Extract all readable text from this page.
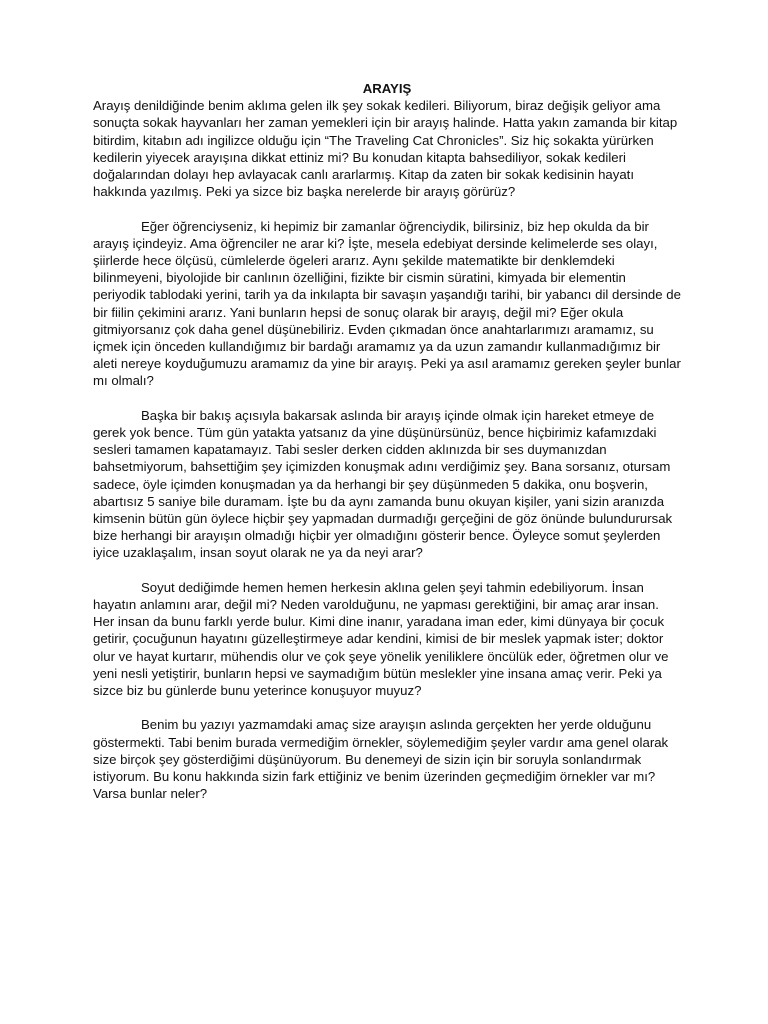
ARAYIŞ

Arayış denildiğinde benim aklıma gelen ilk şey sokak kedileri. Biliyorum, biraz değişik geliyor ama sonuçta sokak hayvanları her zaman yemekleri için bir arayış halinde. Hatta yakın zamanda bir kitap bitirdim, kitabın adı ingilizce olduğu için “The Traveling Cat Chronicles”. Siz hiç sokakta yürürken kedilerin yiyecek arayışına dikkat ettiniz mi? Bu konudan kitapta bahsediliyor, sokak kedileri doğalarından dolayı hep avlayacak canlı ararlarmış. Kitap da zaten bir sokak kedisinin hayatı hakkında yazılmış. Peki ya sizce biz başka nerelerde bir arayış görürüz?

Eğer öğrenciyseniz, ki hepimiz bir zamanlar öğrenciydik, bilirsiniz, biz hep okulda da bir arayış içindeyiz. Ama öğrenciler ne arar ki? İşte, mesela edebiyat dersinde kelimelerde ses olayı, şiirlerde hece ölçüsü, cümlelerde ögeleri ararız. Aynı şekilde matematikte bir denklemdeki bilinmeyeni, biyolojide bir canlının özelliğini, fizikte bir cismin süratini, kimyada bir elementin periyodik tablodaki yerini, tarih ya da inkılapta bir savaşın yaşandığı tarihi, bir yabancı dil dersinde de bir fiilin çekimini ararız. Yani bunların hepsi de sonuç olarak bir arayış, değil mi? Eğer okula gitmiyorsanız çok daha genel düşünebiliriz. Evden çıkmadan önce anahtarlarımızı aramamız, su içmek için önceden kullandığımız bir bardağı aramamız ya da uzun zamandır kullanmadığımız bir aleti nereye koyduğumuzu aramamız da yine bir arayış. Peki ya asıl aramamız gereken şeyler bunlar mı olmalı?

Başka bir bakış açısıyla bakarsak aslında bir arayış içinde olmak için hareket etmeye de gerek yok bence. Tüm gün yatakta yatsanız da yine düşünürsünüz, bence hiçbirimiz kafamızdaki sesleri tamamen kapatamayız. Tabi sesler derken cidden aklınızda bir ses duymanızdan bahsetmiyorum, bahsettiğim şey içimizden konuşmak adını verdiğimiz şey. Bana sorsanız, otursam sadece, öyle içimden konuşmadan ya da herhangi bir şey düşünmeden 5 dakika, onu boşverin, abartısız 5 saniye bile duramam. İşte bu da aynı zamanda bunu okuyan kişiler, yani sizin aranızda kimsenin bütün gün öylece hiçbir şey yapmadan durmadığı gerçeğini de göz önünde bulundurursak bize herhangi bir arayışın olmadığı hiçbir yer olmadığını gösterir bence. Öyleyce somut şeylerden iyice uzaklaşalım, insan soyut olarak ne ya da neyi arar?

Soyut dediğimde hemen hemen herkesin aklına gelen şeyi tahmin edebiliyorum. İnsan hayatın anlamını arar, değil mi? Neden varolduğunu, ne yapması gerektiğini, bir amaç arar insan. Her insan da bunu farklı yerde bulur. Kimi dine inanır, yaradana iman eder, kimi dünyaya bir çocuk getirir, çocuğunun hayatını güzelleştirmeye adar kendini, kimisi de bir meslek yapmak ister; doktor olur ve hayat kurtarır, mühendis olur ve çok şeye yönelik yeniliklere öncülük eder, öğretmen olur ve yeni nesli yetiştirir, bunların hepsi ve saymadığım bütün meslekler yine insana amaç verir. Peki ya sizce biz bu günlerde bunu yeterince konuşuyor muyuz?

Benim bu yazıyı yazmamdaki amaç size arayışın aslında gerçekten her yerde olduğunu göstermekti. Tabi benim burada vermediğim örnekler, söylemediğim şeyler vardır ama genel olarak size birçok şey gösterdiğimi düşünüyorum. Bu denemeyi de sizin için bir soruyla sonlandırmak istiyorum. Bu konu hakkında sizin fark ettiğiniz ve benim üzerinden geçmediğim örnekler var mı? Varsa bunlar neler?
